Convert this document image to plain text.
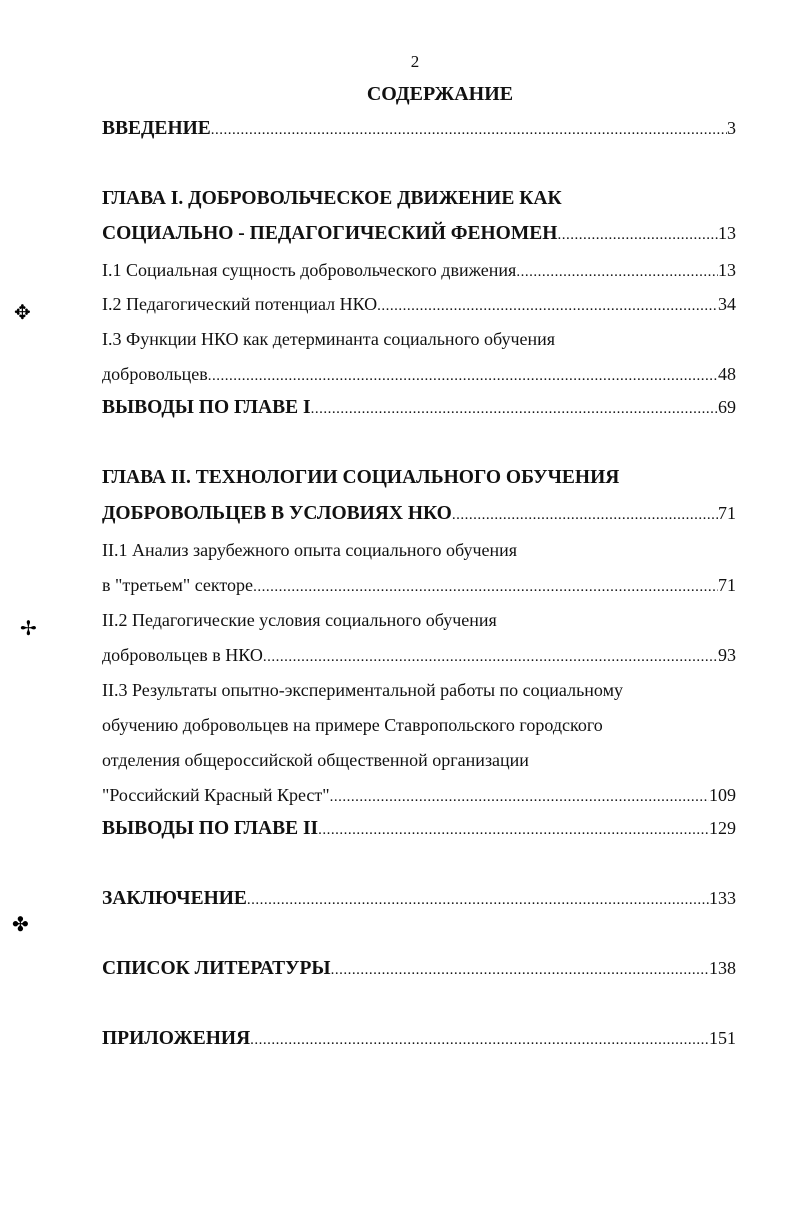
2
СОДЕРЖАНИЕ
ВВЕДЕНИЕ .....	3
ГЛАВА I. ДОБРОВОЛЬЧЕСКОЕ ДВИЖЕНИЕ КАК
СОЦИАЛЬНО - ПЕДАГОГИЧЕСКИЙ ФЕНОМЕН .....	13
I.1 Социальная сущность добровольческого движения .....	13
I.2 Педагогический потенциал НКО .....	34
I.3 Функции НКО как детерминанта социального обучения
добровольцев .....	48
ВЫВОДЫ ПО ГЛАВЕ I .....	69
ГЛАВА II. ТЕХНОЛОГИИ СОЦИАЛЬНОГО ОБУЧЕНИЯ
ДОБРОВОЛЬЦЕВ В УСЛОВИЯХ НКО .....	71
II.1 Анализ зарубежного опыта социального обучения
в "третьем" секторе .....	71
II.2 Педагогические условия социального обучения
добровольцев в НКО .....	93
II.3 Результаты опытно-экспериментальной работы по социальному
обучению добровольцев на примере Ставропольского городского
отделения общероссийской общественной организации
"Российский Красный Крест" .....	109
ВЫВОДЫ ПО ГЛАВЕ II .....	129
ЗАКЛЮЧЕНИЕ .....	133
СПИСОК ЛИТЕРАТУРЫ .....	138
ПРИЛОЖЕНИЯ .....	151
✥
✢
✤
